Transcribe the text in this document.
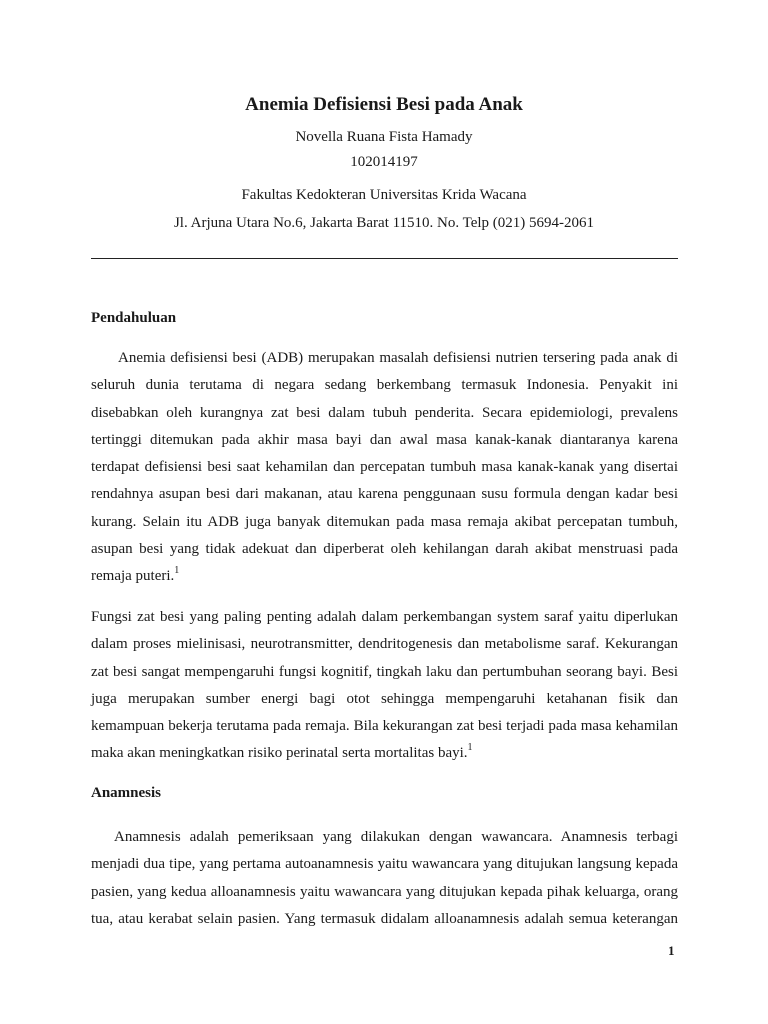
Anemia Defisiensi Besi pada Anak
Novella Ruana Fista Hamady
102014197
Fakultas Kedokteran Universitas Krida Wacana
Jl. Arjuna Utara No.6, Jakarta Barat 11510. No. Telp (021) 5694-2061
Pendahuluan
Anemia defisiensi besi (ADB) merupakan masalah defisiensi nutrien tersering pada anak di
seluruh dunia terutama di negara sedang berkembang termasuk Indonesia. Penyakit ini
disebabkan oleh kurangnya zat besi dalam tubuh penderita. Secara epidemiologi, prevalens
tertinggi ditemukan pada akhir masa bayi dan awal masa kanak-kanak diantaranya karena
terdapat defisiensi besi saat kehamilan dan percepatan tumbuh masa kanak-kanak yang disertai
rendahnya asupan besi dari makanan, atau karena penggunaan susu formula dengan kadar besi
kurang. Selain itu ADB juga banyak ditemukan pada masa remaja akibat percepatan tumbuh,
asupan besi yang tidak adekuat dan diperberat oleh kehilangan darah akibat menstruasi pada
remaja puteri.$^1$
Fungsi zat besi yang paling penting adalah dalam perkembangan system saraf yaitu diperlukan
dalam proses mielinisasi, neurotransmitter, dendritogenesis dan metabolisme saraf. Kekurangan
zat besi sangat mempengaruhi fungsi kognitif, tingkah laku dan pertumbuhan seorang bayi. Besi
juga merupakan sumber energi bagi otot sehingga mempengaruhi ketahanan fisik dan
kemampuan bekerja terutama pada remaja. Bila kekurangan zat besi terjadi pada masa kehamilan
maka akan meningkatkan risiko perinatal serta mortalitas bayi.$^1$
Anamnesis
Anamnesis adalah pemeriksaan yang dilakukan dengan wawancara. Anamnesis terbagi
menjadi dua tipe, yang pertama autoanamnesis yaitu wawancara yang ditujukan langsung kepada
pasien, yang kedua alloanamnesis yaitu wawancara yang ditujukan kepada pihak keluarga, orang
tua, atau kerabat selain pasien. Yang termasuk didalam alloanamnesis adalah semua keterangan
1
